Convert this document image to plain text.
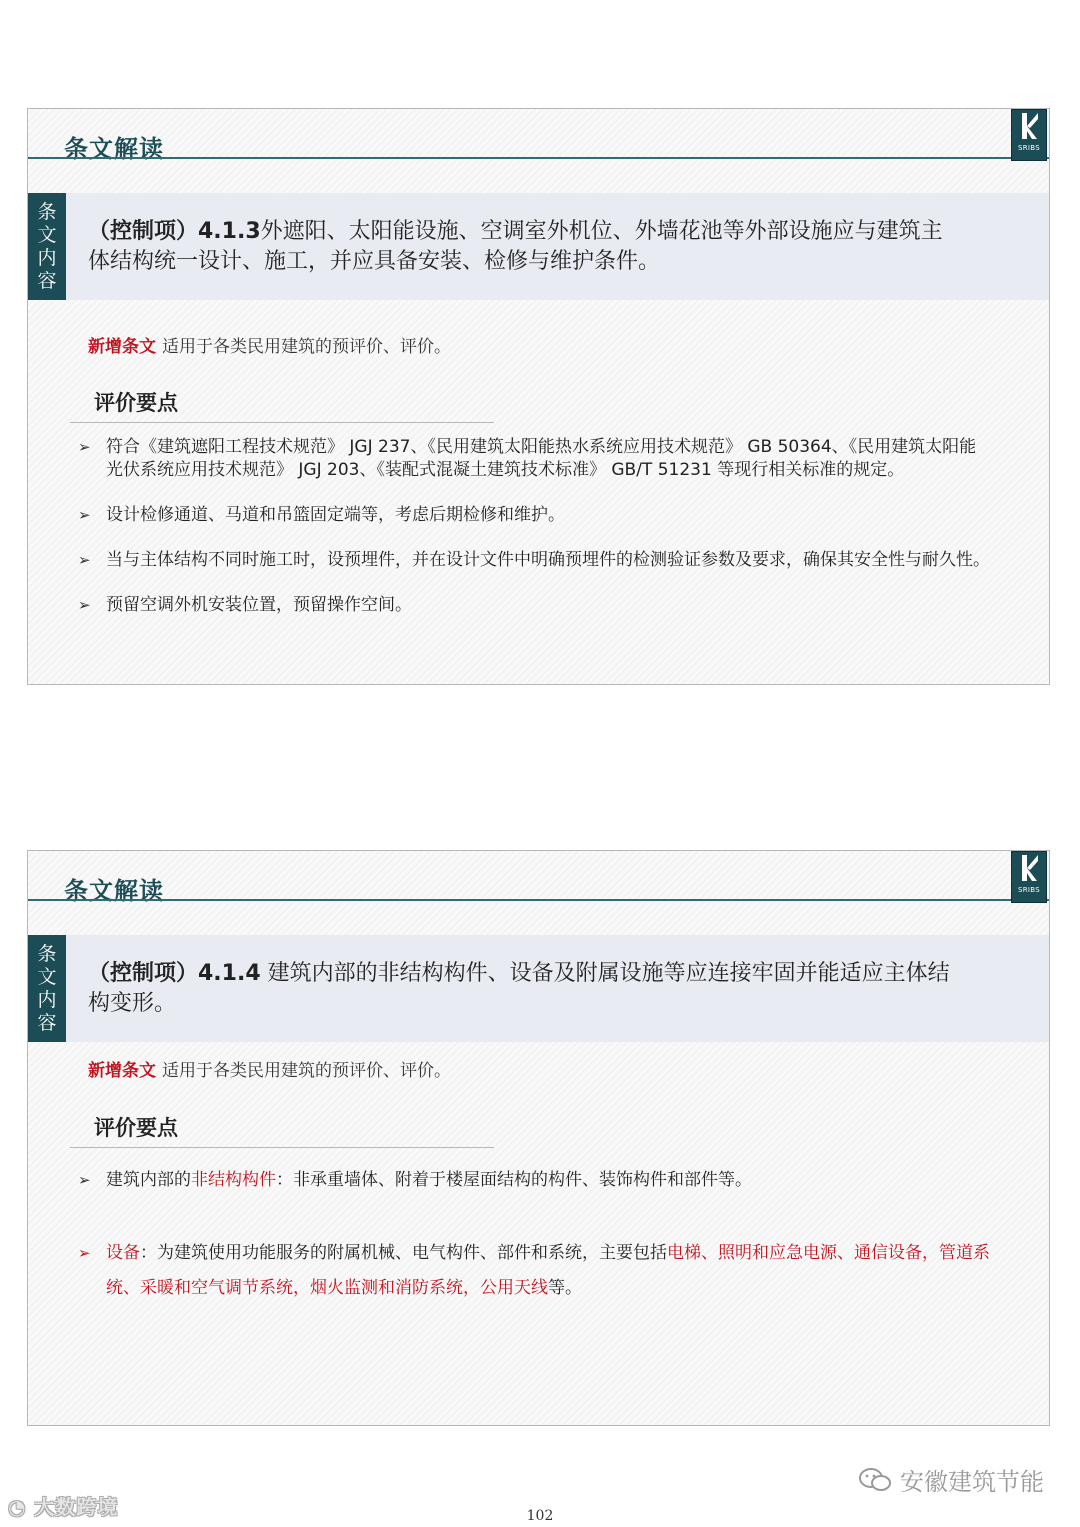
条文解读	SRIBS
条
文
内
容
（控制项）4.1.3外遮阳、太阳能设施、空调室外机位、外墙花池等外部设施应与建筑主体结构统一设计、施工，并应具备安装、检修与维护条件。
新增条文 适用于各类民用建筑的预评价、评价。
评价要点
➢ 符合《建筑遮阳工程技术规范》 JGJ 237、《民用建筑太阳能热水系统应用技术规范》 GB 50364、《民用建筑太阳能光伏系统应用技术规范》 JGJ 203、《装配式混凝土建筑技术标准》 GB/T 51231 等现行相关标准的规定。
➢ 设计检修通道、马道和吊篮固定端等，考虑后期检修和维护。
➢ 当与主体结构不同时施工时，设预埋件，并在设计文件中明确预埋件的检测验证参数及要求，确保其安全性与耐久性。
➢ 预留空调外机安装位置，预留操作空间。
条文解读	SRIBS
条
文
内
容
（控制项）4.1.4 建筑内部的非结构构件、设备及附属设施等应连接牢固并能适应主体结构变形。
新增条文 适用于各类民用建筑的预评价、评价。
评价要点
➢ 建筑内部的非结构构件：非承重墙体、附着于楼屋面结构的构件、装饰构件和部件等。
➢ 设备：为建筑使用功能服务的附属机械、电气构件、部件和系统，主要包括电梯、照明和应急电源、通信设备，管道系统、采暖和空气调节系统，烟火监测和消防系统，公用天线等。
安徽建筑节能
◔ 大数跨境	102
